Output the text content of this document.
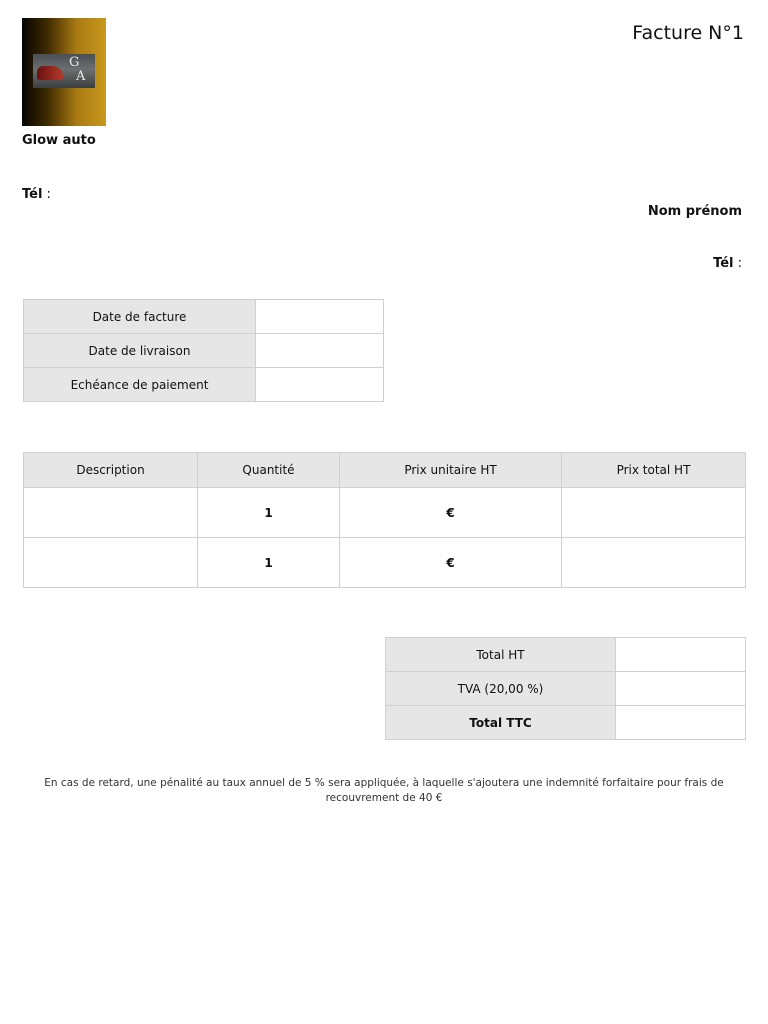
G
A
Glow auto
Tél :
Facture N°1
Nom prénom
Tél :
Date de facture	
Date de livraison	
Echéance de paiement	
Description	Quantité	Prix unitaire HT	Prix total HT
	1	€	
	1	€	
Total HT	
TVA (20,00 %)	
Total TTC	
En cas de retard, une pénalité au taux annuel de 5 % sera appliquée, à laquelle s'ajoutera une indemnité forfaitaire pour frais de recouvrement de 40 €
